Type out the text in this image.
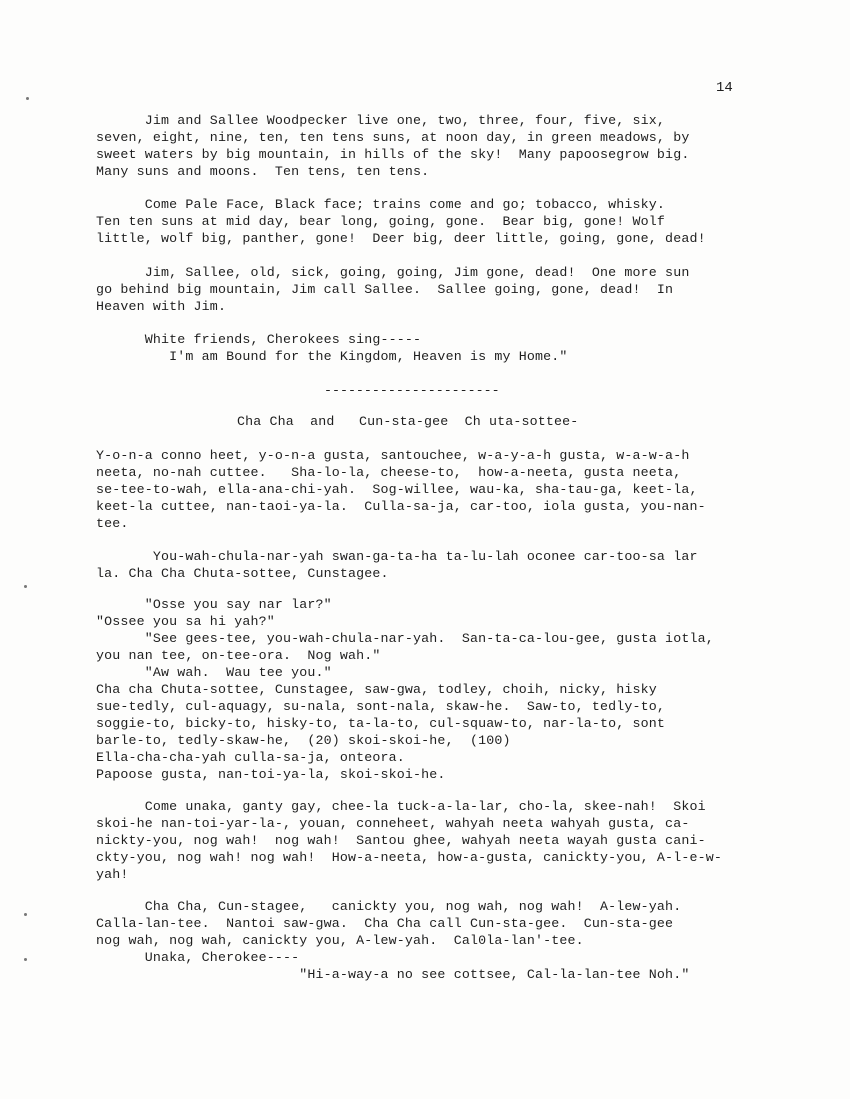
14
Jim and Sallee Woodpecker live one, two, three, four, five, six,
seven, eight, nine, ten, ten tens suns, at noon day, in green meadows, by
sweet waters by big mountain, in hills of the sky!  Many papoosegrow big.
Many suns and moons.  Ten tens, ten tens.
Come Pale Face, Black face; trains come and go; tobacco, whisky.
Ten ten suns at mid day, bear long, going, gone.  Bear big, gone! Wolf
little, wolf big, panther, gone!  Deer big, deer little, going, gone, dead!
Jim, Sallee, old, sick, going, going, Jim gone, dead!  One more sun
go behind big mountain, Jim call Sallee.  Sallee going, gone, dead!  In
Heaven with Jim.
White friends, Cherokees sing-----
I'm am Bound for the Kingdom, Heaven is my Home."
----------------------
Cha Cha  and   Cun-sta-gee  Ch uta-sottee-
Y-o-n-a conno heet, y-o-n-a gusta, santouchee, w-a-y-a-h gusta, w-a-w-a-h
neeta, no-nah cuttee.   Sha-lo-la, cheese-to,  how-a-neeta, gusta neeta,
se-tee-to-wah, ella-ana-chi-yah.  Sog-willee, wau-ka, sha-tau-ga, keet-la,
keet-la cuttee, nan-taoi-ya-la.  Culla-sa-ja, car-too, iola gusta, you-nan-
tee.
You-wah-chula-nar-yah swan-ga-ta-ha ta-lu-lah oconee car-too-sa lar
la. Cha Cha Chuta-sottee, Cunstagee.
"Osse you say nar lar?"
"Ossee you sa hi yah?"
"See gees-tee, you-wah-chula-nar-yah.  San-ta-ca-lou-gee, gusta iotla,
you nan tee, on-tee-ora.  Nog wah."
"Aw wah.  Wau tee you."
Cha cha Chuta-sottee, Cunstagee, saw-gwa, todley, choih, nicky, hisky
sue-tedly, cul-aquagy, su-nala, sont-nala, skaw-he.  Saw-to, tedly-to,
soggie-to, bicky-to, hisky-to, ta-la-to, cul-squaw-to, nar-la-to, sont
barle-to, tedly-skaw-he,  (20) skoi-skoi-he,  (100)
Ella-cha-cha-yah culla-sa-ja, onteora.
Papoose gusta, nan-toi-ya-la, skoi-skoi-he.
Come unaka, ganty gay, chee-la tuck-a-la-lar, cho-la, skee-nah!  Skoi
skoi-he nan-toi-yar-la-, youan, conneheet, wahyah neeta wahyah gusta, ca-
nickty-you, nog wah!  nog wah!  Santou ghee, wahyah neeta wayah gusta cani-
ckty-you, nog wah! nog wah!  How-a-neeta, how-a-gusta, canickty-you, A-l-e-w-
yah!
Cha Cha, Cun-stagee,   canickty you, nog wah, nog wah!  A-lew-yah.
Calla-lan-tee.  Nantoi saw-gwa.  Cha Cha call Cun-sta-gee.  Cun-sta-gee
nog wah, nog wah, canickty you, A-lew-yah.  Cal0la-lan'-tee.
Unaka, Cherokee----
"Hi-a-way-a no see cottsee, Cal-la-lan-tee Noh."
